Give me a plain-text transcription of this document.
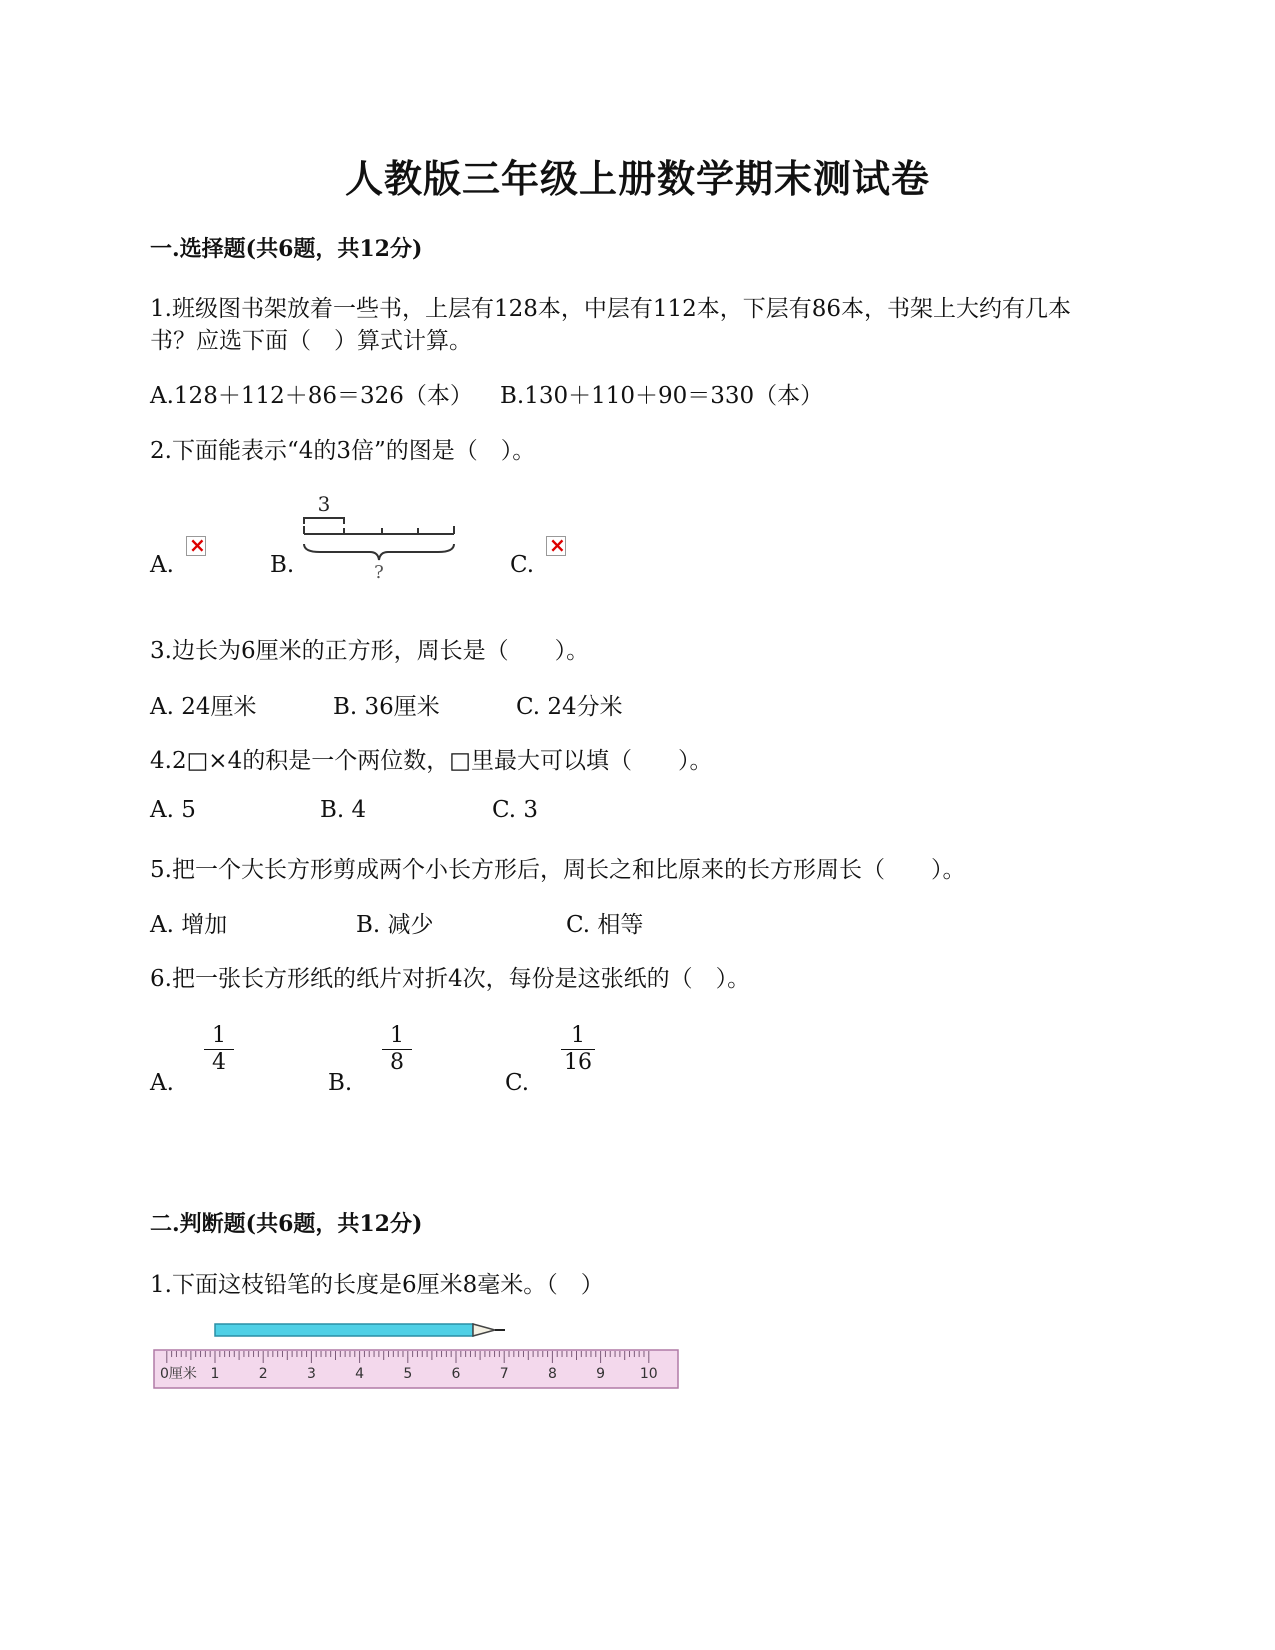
人教版三年级上册数学期末测试卷
一.选择题(共6题，共12分)
1.班级图书架放着一些书，上层有128本，中层有112本，下层有86本，书架上大约有几本
书？应选下面（　）算式计算。
A.128＋112＋86＝326（本） B.130＋110＋90＝330（本）
2.下面能表示“4的3倍”的图是（　）。
A.
×	B.
3
?	C.
×
3.边长为6厘米的正方形，周长是（　　）。
A. 24厘米	B. 36厘米	C. 24分米
4.2□×4的积是一个两位数，□里最大可以填（　　）。
A. 5	B. 4	C. 3
5.把一个大长方形剪成两个小长方形后，周长之和比原来的长方形周长（　　）。
A. 增加	B. 减少	C. 相等
6.把一张长方形纸的纸片对折4次，每份是这张纸的（　）。
A.
1
4
B.
1
8
C.
1
16
二.判断题(共6题，共12分)
1.下面这枝铅笔的长度是6厘米8毫米。（　）
0厘米 1	2	3	4	5	6	7	8	9 10
